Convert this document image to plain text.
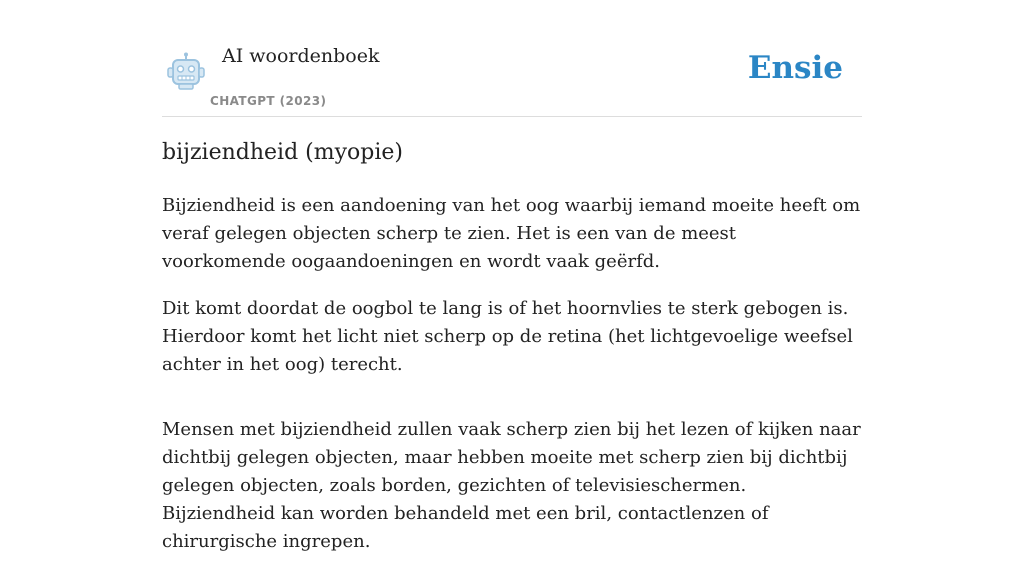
AI woordenboek
CHATGPT (2023)
Ensie
bijziendheid (myopie)

Bijziendheid is een aandoening van het oog waarbij iemand moeite heeft om veraf gelegen objecten scherp te zien. Het is een van de meest voorkomende oogaandoeningen en wordt vaak geërfd.

Dit komt doordat de oogbol te lang is of het hoornvlies te sterk gebogen is. Hierdoor komt het licht niet scherp op de retina (het lichtgevoelige weefsel achter in het oog) terecht.

Mensen met bijziendheid zullen vaak scherp zien bij het lezen of kijken naar dichtbij gelegen objecten, maar hebben moeite met scherp zien bij dichtbij gelegen objecten, zoals borden, gezichten of televisieschermen. Bijziendheid kan worden behandeld met een bril, contactlenzen of chirurgische ingrepen.
